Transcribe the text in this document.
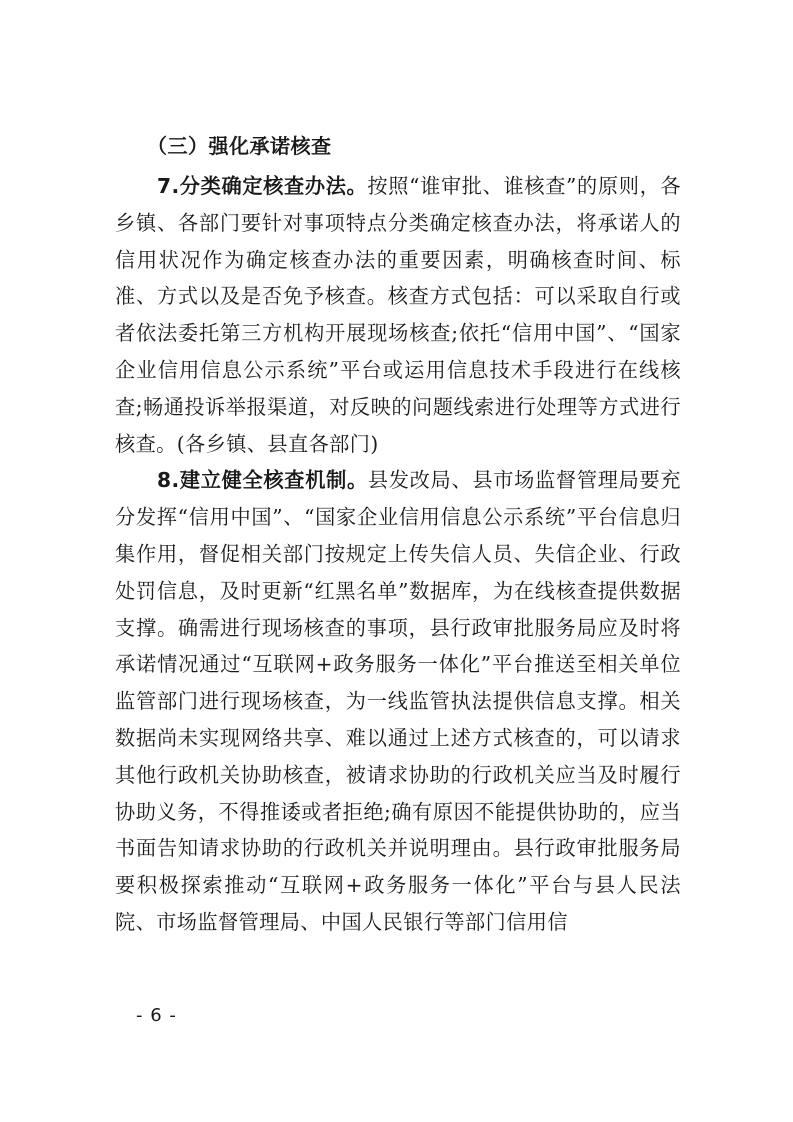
（三）强化承诺核查

7.分类确定核查办法。按照“谁审批、谁核查”的原则，各乡镇、各部门要针对事项特点分类确定核查办法，将承诺人的信用状况作为确定核查办法的重要因素，明确核查时间、标准、方式以及是否免予核查。核查方式包括：可以采取自行或者依法委托第三方机构开展现场核查;依托“信用中国”、“国家企业信用信息公示系统”平台或运用信息技术手段进行在线核查;畅通投诉举报渠道，对反映的问题线索进行处理等方式进行核查。(各乡镇、县直各部门)

8.建立健全核查机制。县发改局、县市场监督管理局要充分发挥“信用中国”、“国家企业信用信息公示系统”平台信息归集作用，督促相关部门按规定上传失信人员、失信企业、行政处罚信息，及时更新“红黑名单”数据库，为在线核查提供数据支撑。确需进行现场核查的事项，县行政审批服务局应及时将承诺情况通过“互联网+政务服务一体化”平台推送至相关单位监管部门进行现场核查，为一线监管执法提供信息支撑。相关数据尚未实现网络共享、难以通过上述方式核查的，可以请求其他行政机关协助核查，被请求协助的行政机关应当及时履行协助义务，不得推诿或者拒绝;确有原因不能提供协助的，应当书面告知请求协助的行政机关并说明理由。县行政审批服务局要积极探索推动“互联网+政务服务一体化”平台与县人民法院、市场监督管理局、中国人民银行等部门信用信

- 6 -
